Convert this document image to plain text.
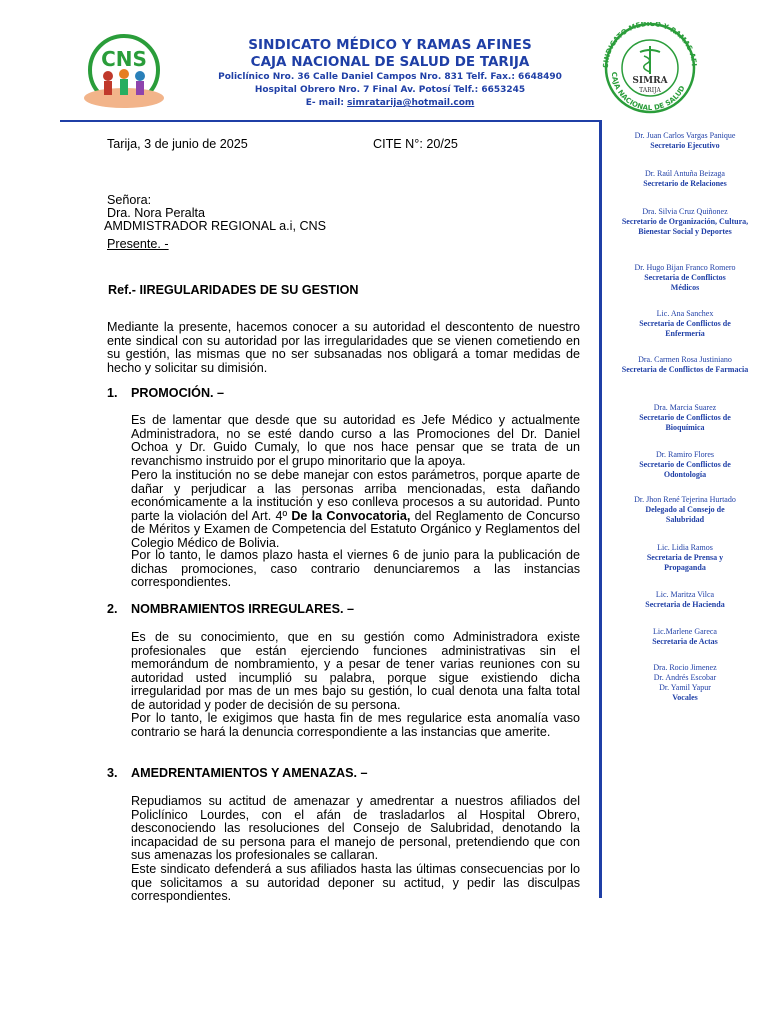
CNS
SINDICATO MÉDICO Y RAMAS AFINES
CAJA NACIONAL DE SALUD DE TARIJA
Policlínico Nro. 36 Calle Daniel Campos Nro. 831 Telf. Fax.: 6648490
Hospital Obrero Nro. 7 Final Av. Potosí Telf.: 6653245
E- mail: simratarija@hotmail.com
SINDICATO MÉDICO Y RAMAS AFI
CAJA NACIONAL DE SALUD
SIMRA
TARIJA
Dr. Juan Carlos Vargas Panique
Secretario Ejecutivo
Dr. Raúl Antuña Beizaga
Secretario de Relaciones
Dra. Silvia Cruz Quiñonez
Secretario de Organización, Cultura, Bienestar Social y Deportes
Dr. Hugo Bijan Franco Romero
Secretaria de Conflictos Médicos
Lic. Ana Sanchex
Secretaria de Conflictos de Enfermería
Dra. Carmen Rosa Justiniano
Secretaria de Conflictos de Farmacia
Dra. Marcia Suarez
Secretario de Conflictos de Bioquímica
Dr. Ramiro Flores
Secretario de Conflictos de Odontología
Dr. Jhon René Tejerina Hurtado
Delegado al Consejo de Salubridad
Lic. Lidia Ramos
Secretaria de Prensa y Propaganda
Lic. Maritza Vilca
Secretaria de Hacienda
Lic.Marlene Gareca
Secretaria de Actas
Dra. Rocio Jimenez
Dr. Andrés Escobar
Dr. Yamil Yapur
Vocales
Tarija, 3 de junio de 2025	CITE N°: 20/25
Señora:
Dra. Nora Peralta
AMDMISTRADOR REGIONAL a.i, CNS
Presente. -
Ref.- IIREGULARIDADES DE SU GESTION
Mediante la presente, hacemos conocer a su autoridad el descontento de nuestro ente sindical con su autoridad por las irregularidades que se vienen cometiendo en su gestión, las mismas que no ser subsanadas nos obligará a tomar medidas de hecho y solicitar su dimisión.
1.	PROMOCIÓN. –
Es de lamentar que desde que su autoridad es Jefe Médico y actualmente Administradora, no se esté dando curso a las Promociones del Dr. Daniel Ochoa y Dr. Guido Cumaly, lo que nos hace pensar que se trata de un revanchismo instruido por el grupo minoritario que la apoya.
Pero la institución no se debe manejar con estos parámetros, porque aparte de dañar y perjudicar a las personas arriba mencionadas, esta dañando económicamente a la institución y eso conlleva procesos a su autoridad. Punto parte la violación del Art. 4º De la Convocatoria, del Reglamento de Concurso de Méritos y Examen de Competencia del Estatuto Orgánico y Reglamentos del Colegio Médico de Bolivia.
Por lo tanto, le damos plazo hasta el viernes 6 de junio para la publicación de dichas promociones, caso contrario denunciaremos a las instancias correspondientes.
2.	NOMBRAMIENTOS IRREGULARES. –
Es de su conocimiento, que en su gestión como Administradora existe profesionales que están ejerciendo funciones administrativas sin el memorándum de nombramiento, y a pesar de tener varias reuniones con su autoridad usted incumplió su palabra, porque sigue existiendo dicha irregularidad por mas de un mes bajo su gestión, lo cual denota una falta total de autoridad y poder de decisión de su persona.
Por lo tanto, le exigimos que hasta fin de mes regularice esta anomalía vaso contrario se hará la denuncia correspondiente a las instancias que amerite.
3.	AMEDRENTAMIENTOS Y AMENAZAS. –
Repudiamos su actitud de amenazar y amedrentar a nuestros afiliados del Policlínico Lourdes, con el afán de trasladarlos al Hospital Obrero, desconociendo las resoluciones del Consejo de Salubridad, denotando la incapacidad de su persona para el manejo de personal, pretendiendo que con sus amenazas los profesionales se callaran.
Este sindicato defenderá a sus afiliados hasta las últimas consecuencias por lo que solicitamos a su autoridad deponer su actitud, y pedir las disculpas correspondientes.
